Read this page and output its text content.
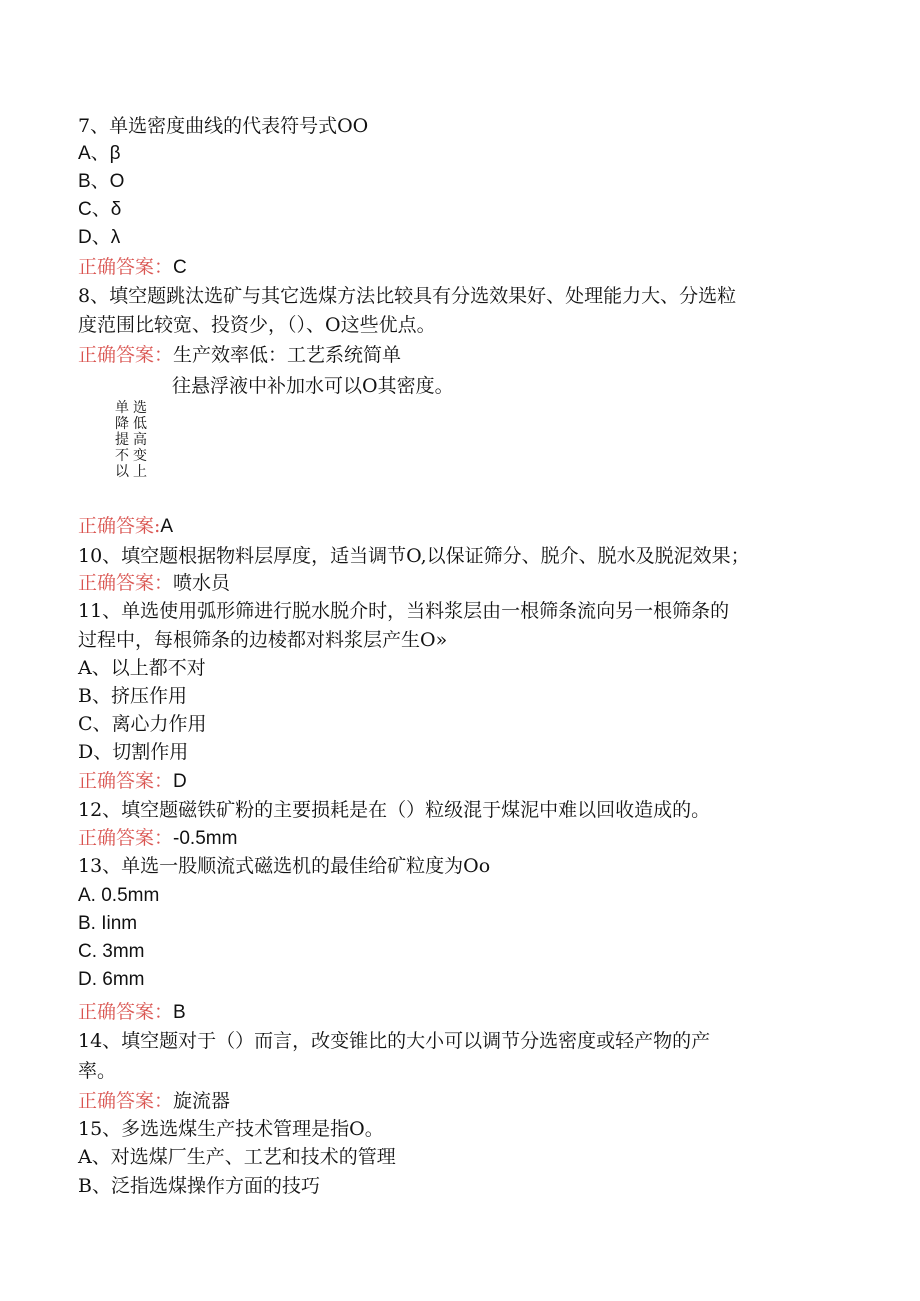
7、单选密度曲线的代表符号式OO

A、β

B、O

C、δ

D、λ

正确答案：C

8、填空题跳汰选矿与其它选煤方法比较具有分选效果好、处理能力大、分选粒

度范围比较宽、投资少，（）、O这些优点。

正确答案：生产效率低：工艺系统简单

往悬浮液中补加水可以O其密度。

单选
降低
提高
不变
以上

正确答案:A

10、填空题根据物料层厚度，适当调节O,以保证筛分、脱介、脱水及脱泥效果；

正确答案：喷水员

11、单选使用弧形筛进行脱水脱介时，当料浆层由一根筛条流向另一根筛条的

过程中，每根筛条的边棱都对料浆层产生O»

A、以上都不对

B、挤压作用

C、离心力作用

D、切割作用

正确答案：D

12、填空题磁铁矿粉的主要损耗是在（）粒级混于煤泥中难以回收造成的。

正确答案：-0.5mm

13、单选一股顺流式磁选机的最佳给矿粒度为Oo

A. 0.5mm

B. Iinm

C. 3mm

D. 6mm

正确答案：B

14、填空题对于（）而言，改变锥比的大小可以调节分选密度或轻产物的产

率。

正确答案：旋流器

15、多选选煤生产技术管理是指O。

A、对选煤厂生产、工艺和技术的管理

B、泛指选煤操作方面的技巧
